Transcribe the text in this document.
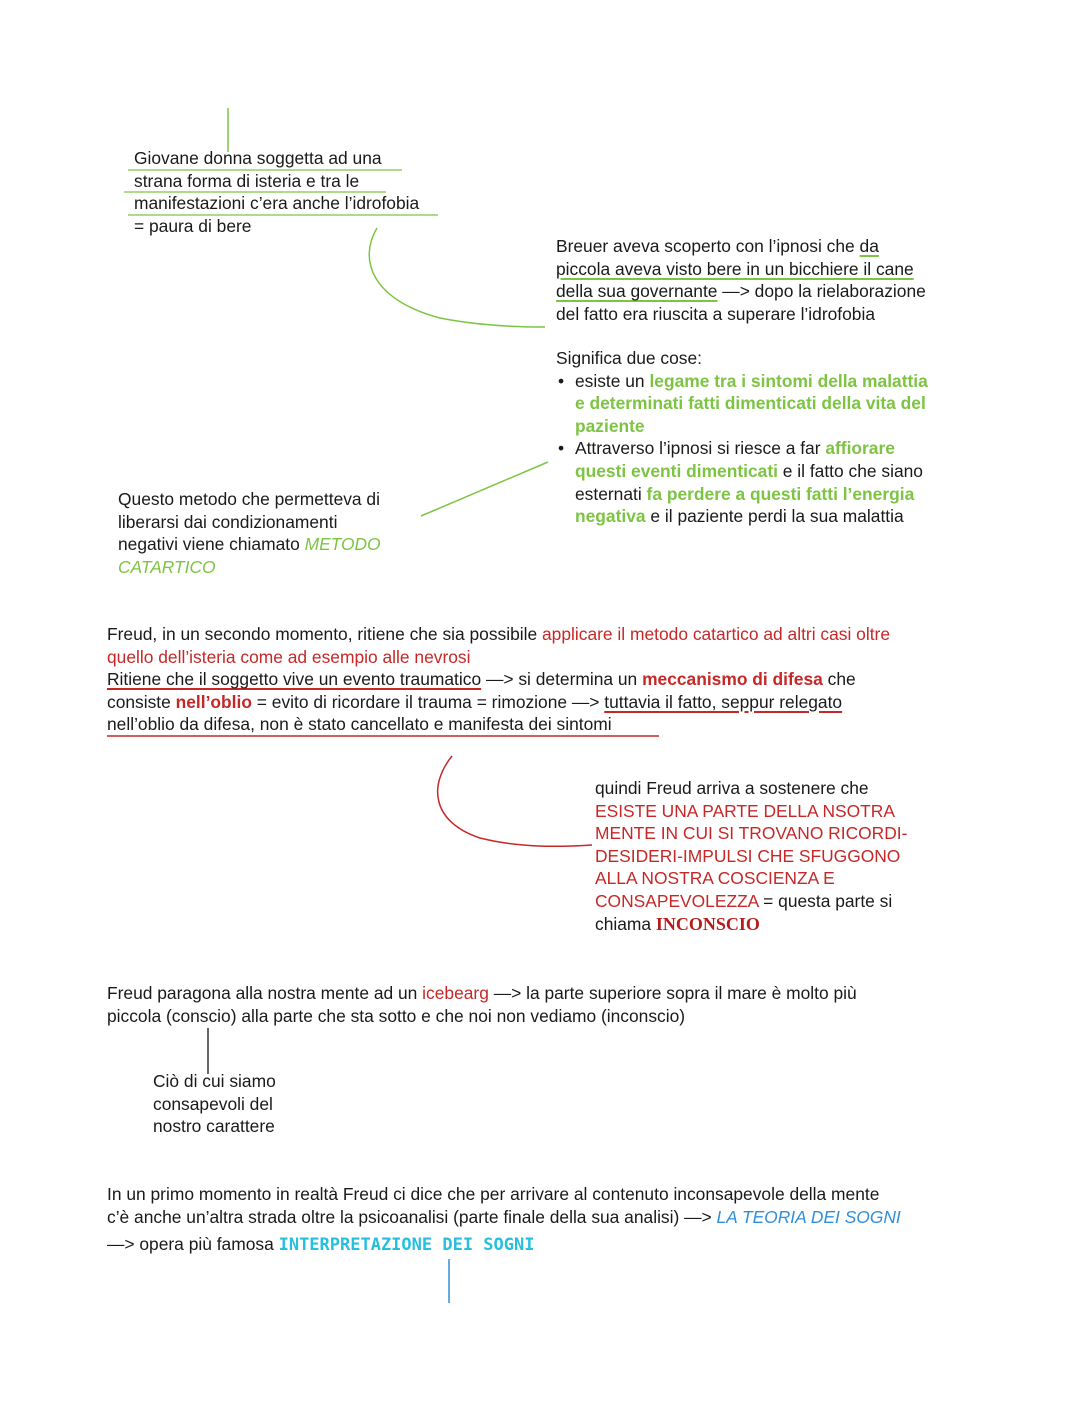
Giovane donna soggetta ad una
strana forma di isteria e tra le
manifestazioni c’era anche l’idrofobia
= paura di bere
Breuer aveva scoperto con l’ipnosi che da
piccola aveva visto bere in un bicchiere il cane
della sua governante —> dopo la rielaborazione
del fatto era riuscita a superare l’idrofobia
Significa due cose:
• esiste un legame tra i sintomi della malattia
e determinati fatti dimenticati della vita del
paziente
• Attraverso l’ipnosi si riesce a far affiorare
questi eventi dimenticati e il fatto che siano
esternati fa perdere a questi fatti l’energia
negativa e il paziente perdi la sua malattia
Questo metodo che permetteva di
liberarsi dai condizionamenti
negativi viene chiamato METODO
CATARTICO
Freud, in un secondo momento, ritiene che sia possibile applicare il metodo catartico ad altri casi oltre
quello dell’isteria come ad esempio alle nevrosi
Ritiene che il soggetto vive un evento traumatico —> si determina un meccanismo di difesa che
consiste nell’oblio = evito di ricordare il trauma = rimozione —> tuttavia il fatto, seppur relegato
nell’oblio da difesa, non è stato cancellato e manifesta dei sintomi
quindi Freud arriva a sostenere che
ESISTE UNA PARTE DELLA NSOTRA
MENTE IN CUI SI TROVANO RICORDI-
DESIDERI-IMPULSI CHE SFUGGONO
ALLA NOSTRA COSCIENZA E
CONSAPEVOLEZZA = questa parte si
chiama INCONSCIO
Freud paragona alla nostra mente ad un icebearg —> la parte superiore sopra il mare è molto più
piccola (conscio) alla parte che sta sotto e che noi non vediamo (inconscio)
Ciò di cui siamo
consapevoli del
nostro carattere
In un primo momento in realtà Freud ci dice che per arrivare al contenuto inconsapevole della mente
c’è anche un’altra strada oltre la psicoanalisi (parte finale della sua analisi) —> LA TEORIA DEI SOGNI
—> opera più famosa INTERPRETAZIONE DEI SOGNI
